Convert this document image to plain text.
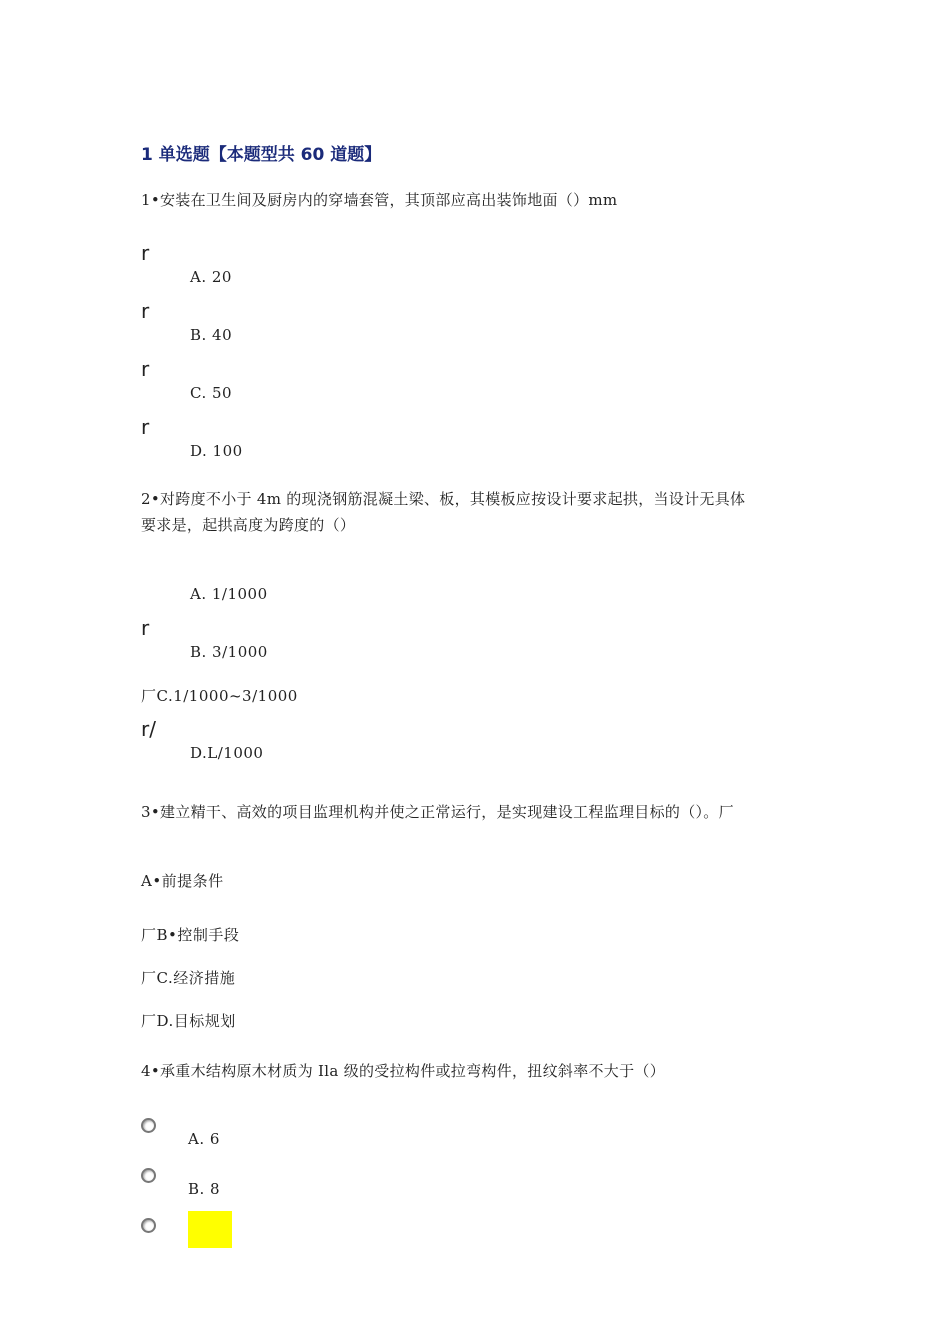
1 单选题【本题型共 60 道题】
1•安装在卫生间及厨房内的穿墙套管，其顶部应高出装饰地面（）mm
r
A. 20
r
B. 40
r
C. 50
r
D. 100
2•对跨度不小于 4m 的现浇钢筋混凝土梁、板，其模板应按设计要求起拱，当设计无具体
要求是，起拱高度为跨度的（）
A. 1/1000
r
B. 3/1000
厂C.1/1000~3/1000
r/
D.L/1000
3•建立精干、高效的项目监理机构并使之正常运行，是实现建设工程监理目标的（）。厂
A•前提条件
厂B•控制手段
厂C.经济措施
厂D.目标规划
4•承重木结构原木材质为 Ila 级的受拉构件或拉弯构件，扭纹斜率不大于（）
A. 6
B. 8
